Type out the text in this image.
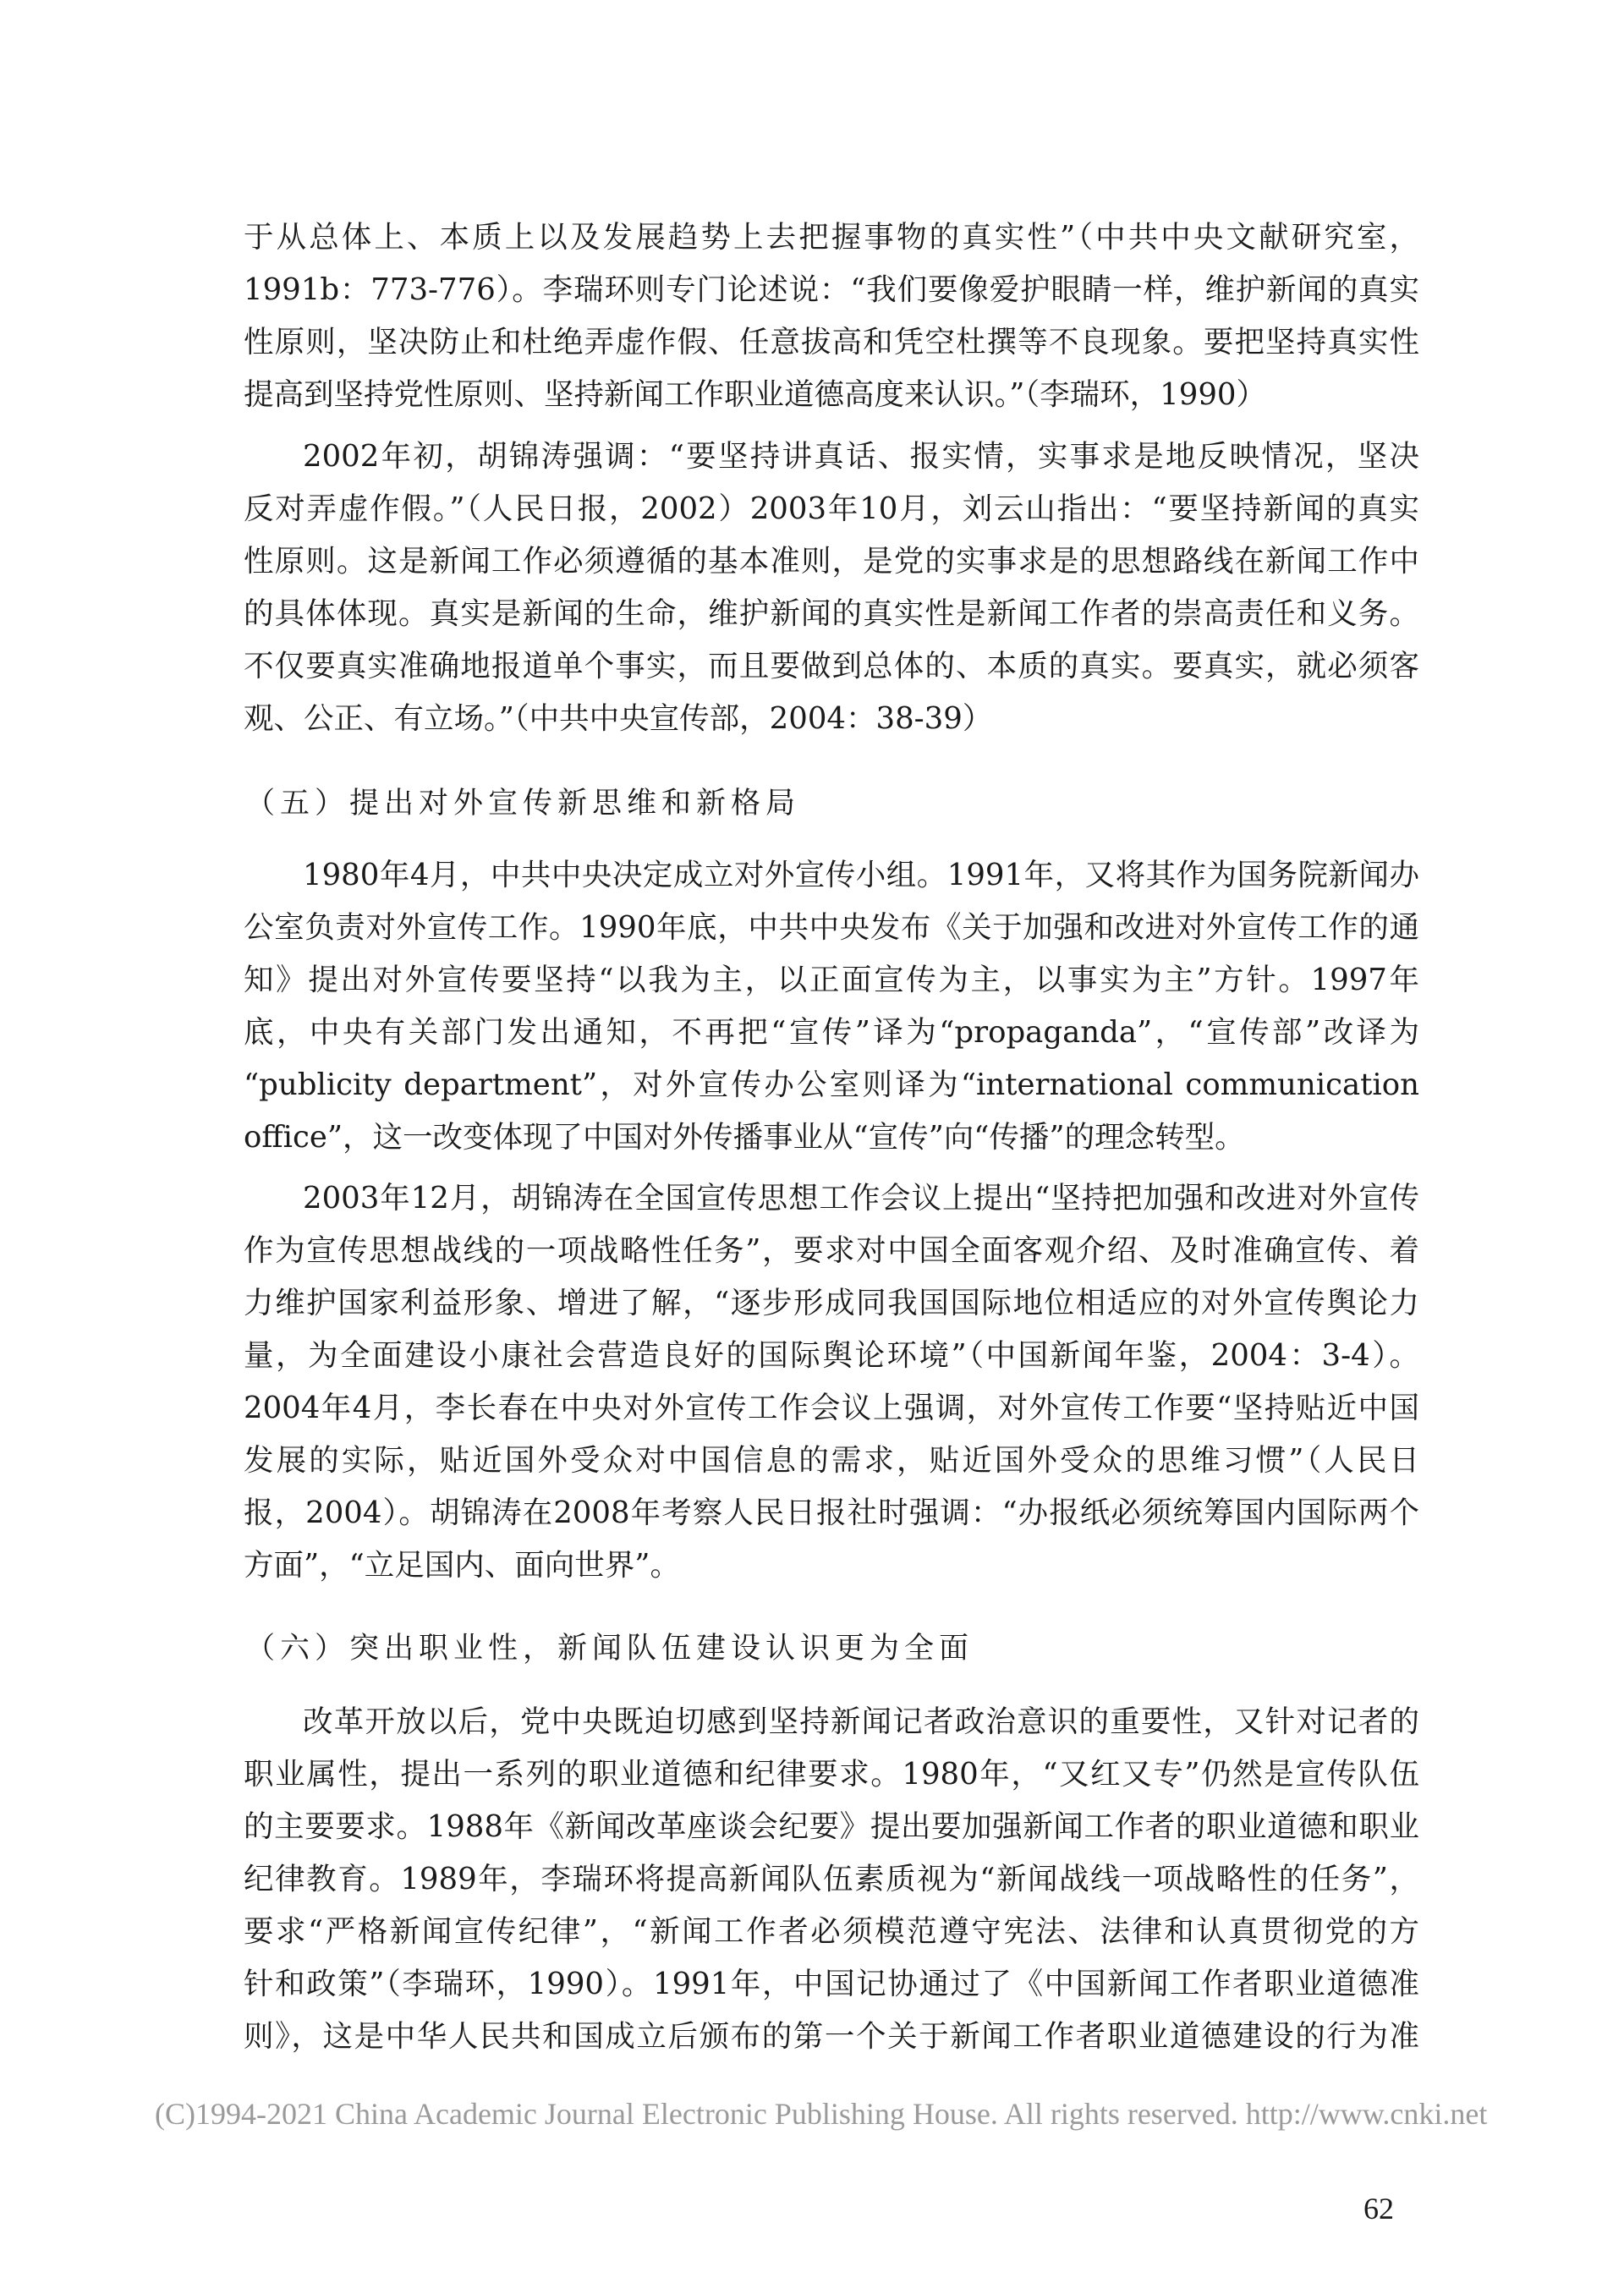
于从总体上、本质上以及发展趋势上去把握事物的真实性”（中共中央文献研究室，
1991b：773-776）。李瑞环则专门论述说：“我们要像爱护眼睛一样，维护新闻的真实
性原则，坚决防止和杜绝弄虚作假、任意拔高和凭空杜撰等不良现象。要把坚持真实性
提高到坚持党性原则、坚持新闻工作职业道德高度来认识。”（李瑞环，1990）
2002年初，胡锦涛强调：“要坚持讲真话、报实情，实事求是地反映情况，坚决
反对弄虚作假。”（人民日报，2002）2003年10月，刘云山指出：“要坚持新闻的真实
性原则。这是新闻工作必须遵循的基本准则，是党的实事求是的思想路线在新闻工作中
的具体体现。真实是新闻的生命，维护新闻的真实性是新闻工作者的崇高责任和义务。
不仅要真实准确地报道单个事实，而且要做到总体的、本质的真实。要真实，就必须客
观、公正、有立场。”（中共中央宣传部，2004：38-39）
（五）提出对外宣传新思维和新格局
1980年4月，中共中央决定成立对外宣传小组。1991年，又将其作为国务院新闻办
公室负责对外宣传工作。1990年底，中共中央发布《关于加强和改进对外宣传工作的通
知》提出对外宣传要坚持“以我为主，以正面宣传为主，以事实为主”方针。1997年
底，中央有关部门发出通知，不再把“宣传”译为“propaganda”，“宣传部”改译为
“publicity department”，对外宣传办公室则译为“international communication
office”，这一改变体现了中国对外传播事业从“宣传”向“传播”的理念转型。
2003年12月，胡锦涛在全国宣传思想工作会议上提出“坚持把加强和改进对外宣传
作为宣传思想战线的一项战略性任务”，要求对中国全面客观介绍、及时准确宣传、着
力维护国家利益形象、增进了解，“逐步形成同我国国际地位相适应的对外宣传舆论力
量，为全面建设小康社会营造良好的国际舆论环境”（中国新闻年鉴，2004：3-4）。
2004年4月，李长春在中央对外宣传工作会议上强调，对外宣传工作要“坚持贴近中国
发展的实际，贴近国外受众对中国信息的需求，贴近国外受众的思维习惯”（人民日
报，2004）。胡锦涛在2008年考察人民日报社时强调：“办报纸必须统筹国内国际两个
方面”，“立足国内、面向世界”。
（六）突出职业性，新闻队伍建设认识更为全面
改革开放以后，党中央既迫切感到坚持新闻记者政治意识的重要性，又针对记者的
职业属性，提出一系列的职业道德和纪律要求。1980年，“又红又专”仍然是宣传队伍
的主要要求。1988年《新闻改革座谈会纪要》提出要加强新闻工作者的职业道德和职业
纪律教育。1989年，李瑞环将提高新闻队伍素质视为“新闻战线一项战略性的任务”，
要求“严格新闻宣传纪律”，“新闻工作者必须模范遵守宪法、法律和认真贯彻党的方
针和政策”（李瑞环，1990）。1991年，中国记协通过了《中国新闻工作者职业道德准
则》，这是中华人民共和国成立后颁布的第一个关于新闻工作者职业道德建设的行为准
(C)1994-2021 China Academic Journal Electronic Publishing House. All rights reserved. http://www.cnki.net
62
